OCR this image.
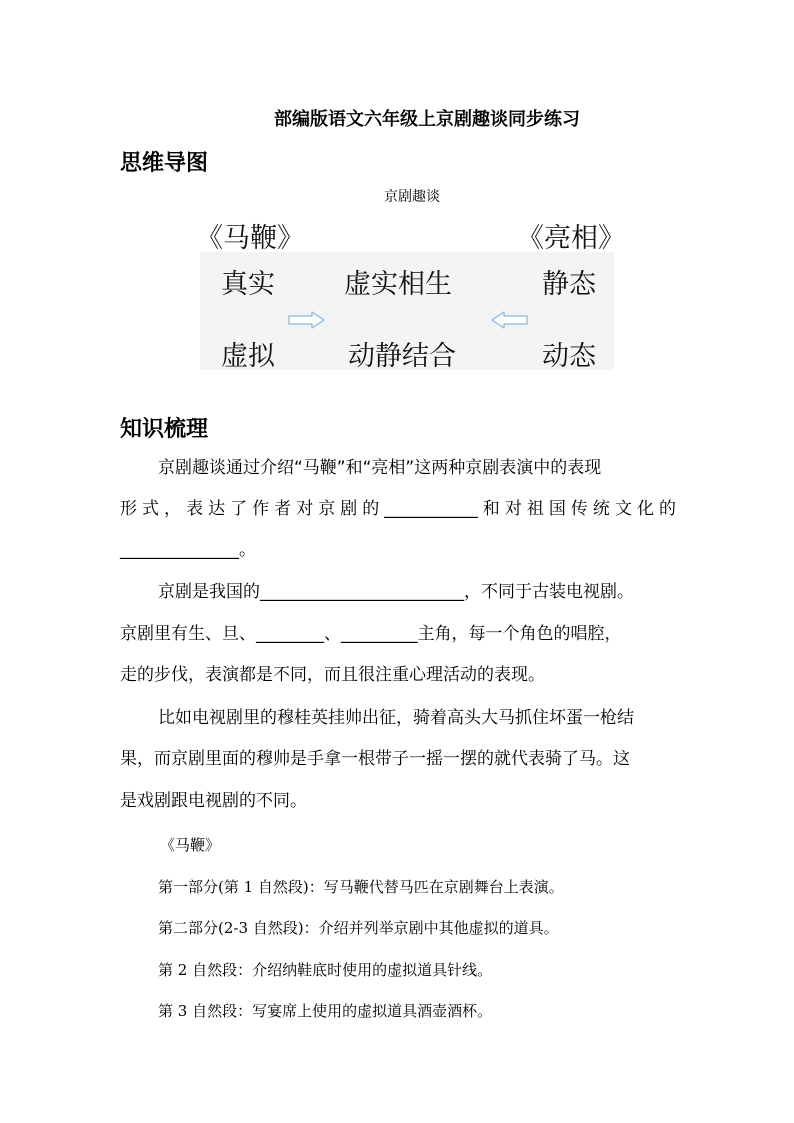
部编版语文六年级上京剧趣谈同步练习
思维导图
京剧趣谈
《马鞭》	《亮相》
真实	虚实相生	静态
虚拟	动静结合	动态
知识梳理
京剧趣谈通过介绍“马鞭”和“亮相”这两种京剧表演中的表现
形式，表达了作者对京剧的___________和对祖国传统文化的
______________。
京剧是我国的________________________，不同于古装电视剧。
京剧里有生、旦、________、_________主角，每一个角色的唱腔，
走的步伐，表演都是不同，而且很注重心理活动的表现。
比如电视剧里的穆桂英挂帅出征，骑着高头大马抓住坏蛋一枪结
果，而京剧里面的穆帅是手拿一根带子一摇一摆的就代表骑了马。这
是戏剧跟电视剧的不同。
《马鞭》
第一部分(第 1 自然段)：写马鞭代替马匹在京剧舞台上表演。
第二部分(2-3 自然段)：介绍并列举京剧中其他虚拟的道具。
第 2 自然段：介绍纳鞋底时使用的虚拟道具针线。
第 3 自然段：写宴席上使用的虚拟道具酒壶酒杯。
